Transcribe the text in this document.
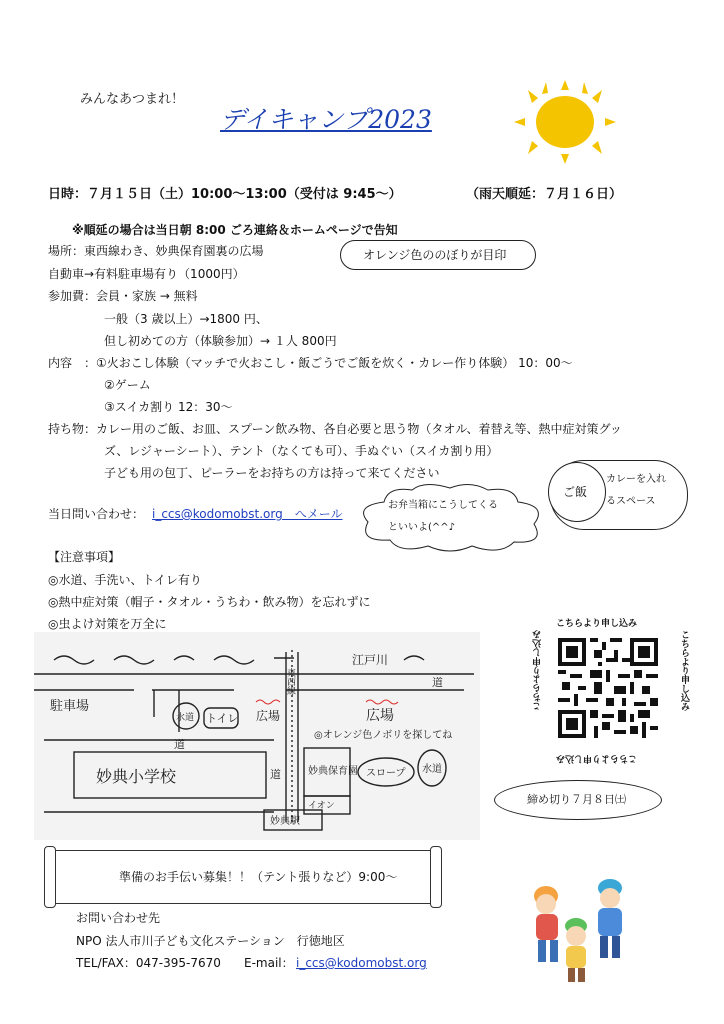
みんなあつまれ！
デイキャンプ2023
日時：７月１５日（土）10:00～13:00（受付は 9:45～）	（雨天順延：７月１６日）
※順延の場合は当日朝 8:00 ごろ連絡＆ホームページで告知
場所：東西線わき、妙典保育園裏の広場	オレンジ色ののぼりが目印
自動車→有料駐車場有り（1000円）
参加費：会員・家族 → 無料
一般（3 歳以上）→1800 円、
但し初めての方（体験参加）→ １人 800円
内容　：①火おこし体験（マッチで火おこし・飯ごうでご飯を炊く・カレー作り体験） 10：00～
②ゲーム
③スイカ割り 12：30～
持ち物：カレー用のご飯、お皿、スプーン飲み物、各自必要と思う物（タオル、着替え等、熱中症対策グッ
ズ、レジャーシート）、テント（なくても可）、手ぬぐい（スイカ割り用）
子ども用の包丁、ピーラーをお持ちの方は持って来てください
当日問い合わせ： i_ccs@kodomobst.org　へメール
お弁当箱にこうしてくる
といいよ(^^♪
ご飯
カレーを入れ
るスペース
【注意事項】
◎水道、手洗い、トイレ有り
◎熱中症対策（帽子・タオル・うちわ・飲み物）を忘れずに
◎虫よけ対策を万全に
江戸川
道
駐車場
水道 トイレ 広場	広場
◎オレンジ色ノボリを探してね
道
東西線
妙典小学校	道	妙典保育園 スロープ 水道
イオン
妙典駅
こちらより申し込み
こちらより申し込み
こちらより申し込み
こちらより申し込み
締め切り７月８日㈯
準備のお手伝い募集！！（テント張りなど）9:00～
お問い合わせ先
NPO 法人市川子ども文化ステーション　行徳地区
TEL/FAX：047-395-7670 E-mail： i_ccs@kodomobst.org
